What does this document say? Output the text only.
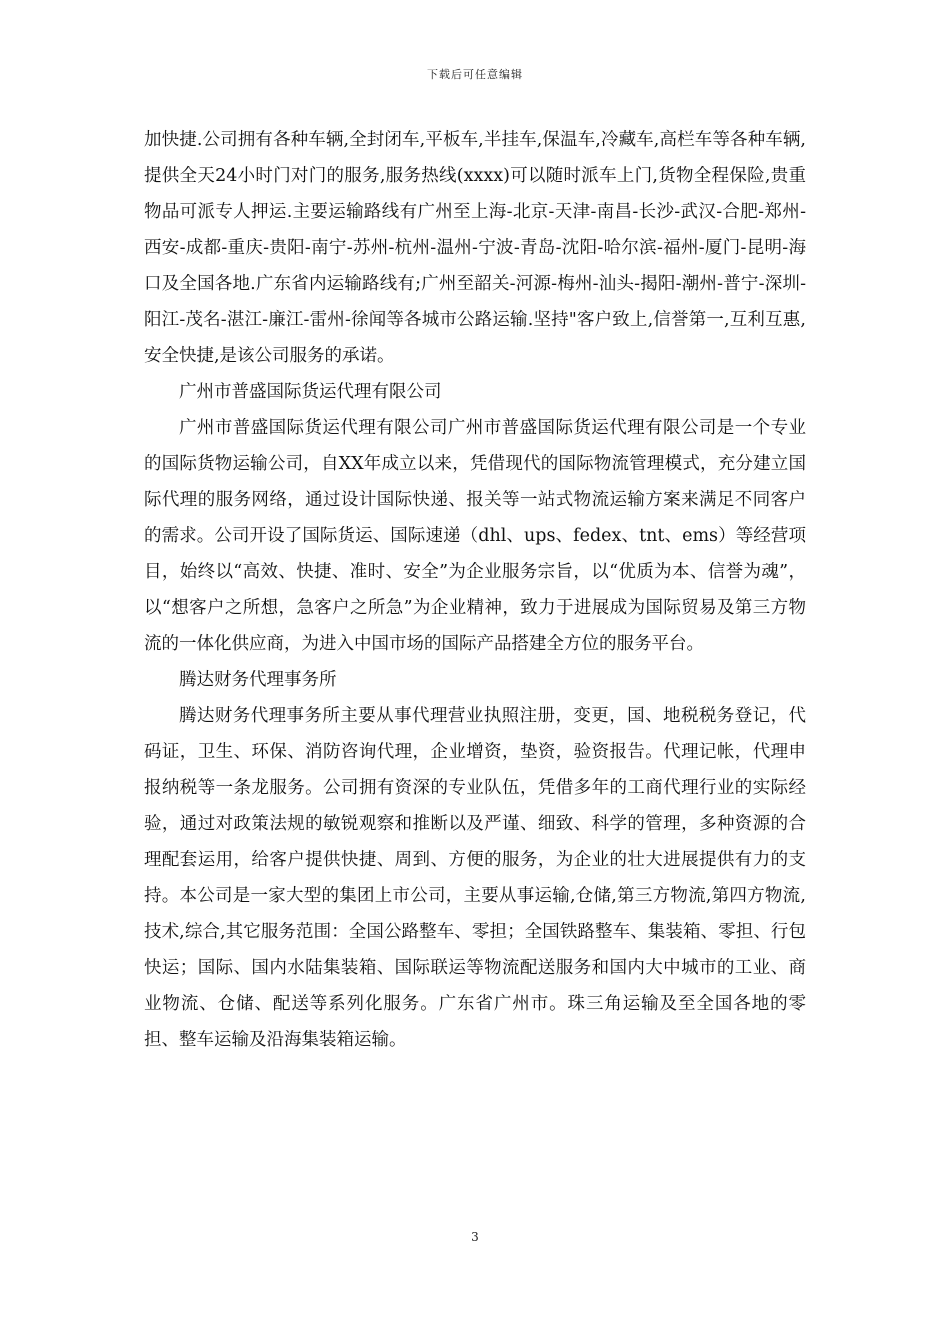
下载后可任意编辑

加快捷.公司拥有各种车辆,全封闭车,平板车,半挂车,保温车,冷藏车,高栏车等各种车辆,提供全天24小时门对门的服务,服务热线(xxxx)可以随时派车上门,货物全程保险,贵重物品可派专人押运.主要运输路线有广州至上海-北京-天津-南昌-长沙-武汉-合肥-郑州-西安-成都-重庆-贵阳-南宁-苏州-杭州-温州-宁波-青岛-沈阳-哈尔滨-福州-厦门-昆明-海口及全国各地.广东省内运输路线有;广州至韶关-河源-梅州-汕头-揭阳-潮州-普宁-深圳-阳江-茂名-湛江-廉江-雷州-徐闻等各城市公路运输.坚持"客户致上,信誉第一,互利互惠,安全快捷,是该公司服务的承诺。

广州市普盛国际货运代理有限公司

广州市普盛国际货运代理有限公司广州市普盛国际货运代理有限公司是一个专业的国际货物运输公司，自XX年成立以来，凭借现代的国际物流管理模式，充分建立国际代理的服务网络，通过设计国际快递、报关等一站式物流运输方案来满足不同客户的需求。公司开设了国际货运、国际速递（dhl、ups、fedex、tnt、ems）等经营项目，始终以“高效、快捷、准时、安全”为企业服务宗旨，以“优质为本、信誉为魂”，以“想客户之所想，急客户之所急”为企业精神，致力于进展成为国际贸易及第三方物流的一体化供应商，为进入中国市场的国际产品搭建全方位的服务平台。

腾达财务代理事务所

腾达财务代理事务所主要从事代理营业执照注册，变更，国、地税税务登记，代码证，卫生、环保、消防咨询代理，企业增资，垫资，验资报告。代理记帐，代理申报纳税等一条龙服务。公司拥有资深的专业队伍，凭借多年的工商代理行业的实际经验，通过对政策法规的敏锐观察和推断以及严谨、细致、科学的管理，多种资源的合理配套运用，给客户提供快捷、周到、方便的服务，为企业的壮大进展提供有力的支持。本公司是一家大型的集团上市公司，主要从事运输,仓储,第三方物流,第四方物流,技术,综合,其它服务范围：全国公路整车、零担；全国铁路整车、集装箱、零担、行包快运；国际、国内水陆集装箱、国际联运等物流配送服务和国内大中城市的工业、商业物流、仓储、配送等系列化服务。广东省广州市。珠三角运输及至全国各地的零担、整车运输及沿海集装箱运输。

3
